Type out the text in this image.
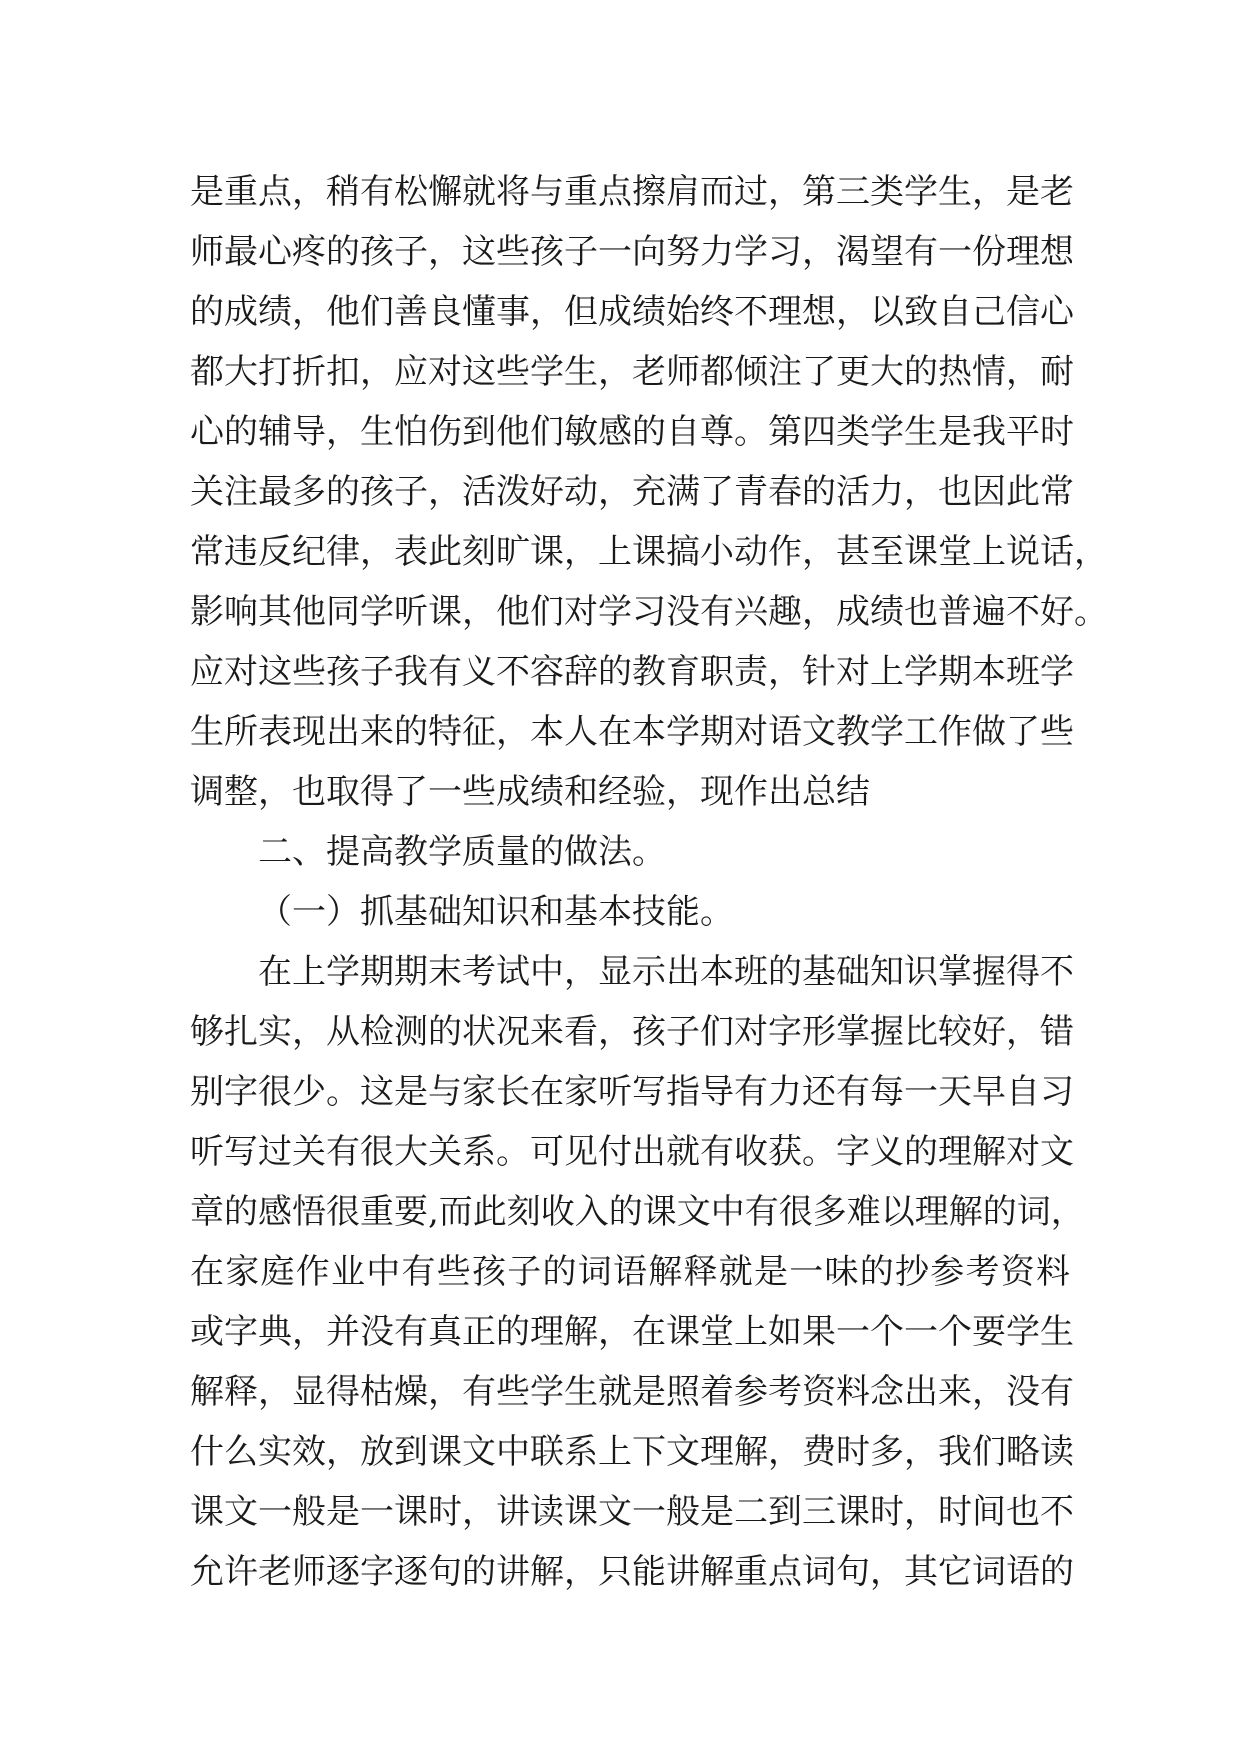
是重点，稍有松懈就将与重点擦肩而过，第三类学生，是老
师最心疼的孩子，这些孩子一向努力学习，渴望有一份理想
的成绩，他们善良懂事，但成绩始终不理想，以致自己信心
都大打折扣，应对这些学生，老师都倾注了更大的热情，耐
心的辅导，生怕伤到他们敏感的自尊。第四类学生是我平时
关注最多的孩子，活泼好动，充满了青春的活力，也因此常
常违反纪律，表此刻旷课，上课搞小动作，甚至课堂上说话，
影响其他同学听课，他们对学习没有兴趣，成绩也普遍不好。
应对这些孩子我有义不容辞的教育职责，针对上学期本班学
生所表现出来的特征，本人在本学期对语文教学工作做了些
调整，也取得了一些成绩和经验，现作出总结
二、提高教学质量的做法。
（一）抓基础知识和基本技能。
在上学期期末考试中，显示出本班的基础知识掌握得不
够扎实，从检测的状况来看，孩子们对字形掌握比较好，错
别字很少。这是与家长在家听写指导有力还有每一天早自习
听写过关有很大关系。可见付出就有收获。字义的理解对文
章的感悟很重要,而此刻收入的课文中有很多难以理解的词，
在家庭作业中有些孩子的词语解释就是一味的抄参考资料
或字典，并没有真正的理解，在课堂上如果一个一个要学生
解释，显得枯燥，有些学生就是照着参考资料念出来，没有
什么实效，放到课文中联系上下文理解，费时多，我们略读
课文一般是一课时，讲读课文一般是二到三课时，时间也不
允许老师逐字逐句的讲解，只能讲解重点词句，其它词语的
